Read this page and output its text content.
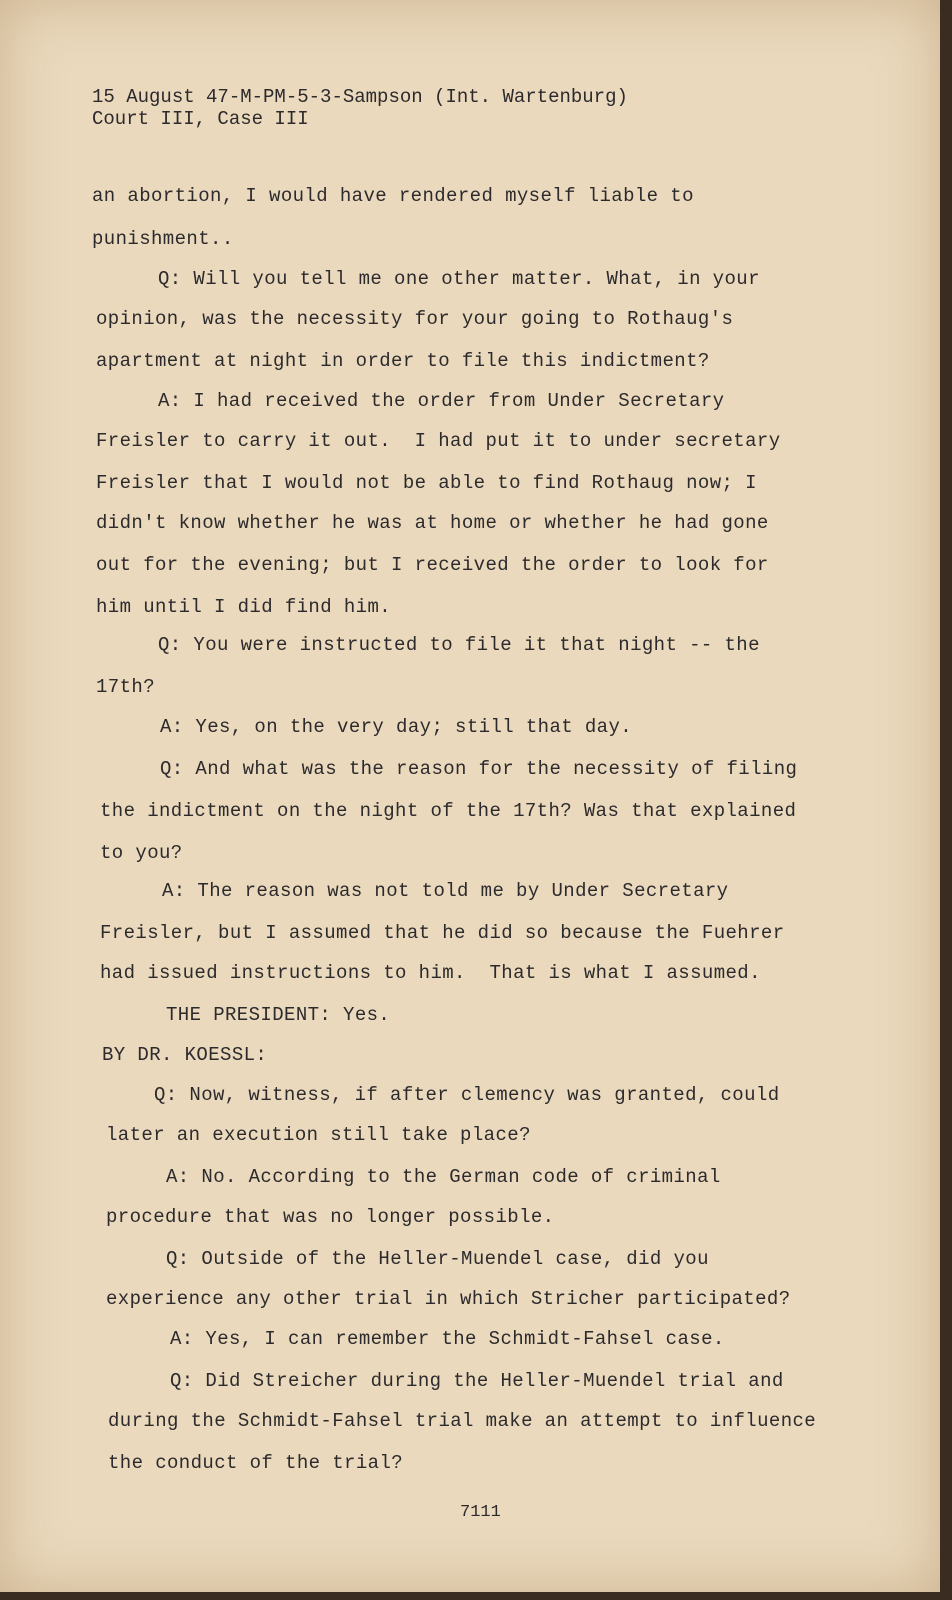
15 August 47-M-PM-5-3-Sampson (Int. Wartenburg)
Court III, Case III
an abortion, I would have rendered myself liable to
punishment..
Q: Will you tell me one other matter. What, in your
opinion, was the necessity for your going to Rothaug's
apartment at night in order to file this indictment?
A: I had received the order from Under Secretary
Freisler to carry it out.  I had put it to under secretary
Freisler that I would not be able to find Rothaug now; I
didn't know whether he was at home or whether he had gone
out for the evening; but I received the order to look for
him until I did find him.
Q: You were instructed to file it that night -- the
17th?
A: Yes, on the very day; still that day.
Q: And what was the reason for the necessity of filing
the indictment on the night of the 17th? Was that explained
to you?
A: The reason was not told me by Under Secretary
Freisler, but I assumed that he did so because the Fuehrer
had issued instructions to him.  That is what I assumed.
THE PRESIDENT: Yes.
BY DR. KOESSL:
Q: Now, witness, if after clemency was granted, could
later an execution still take place?
A: No. According to the German code of criminal
procedure that was no longer possible.
Q: Outside of the Heller-Muendel case, did you
experience any other trial in which Stricher participated?
A: Yes, I can remember the Schmidt-Fahsel case.
Q: Did Streicher during the Heller-Muendel trial and
during the Schmidt-Fahsel trial make an attempt to influence
the conduct of the trial?
7111
